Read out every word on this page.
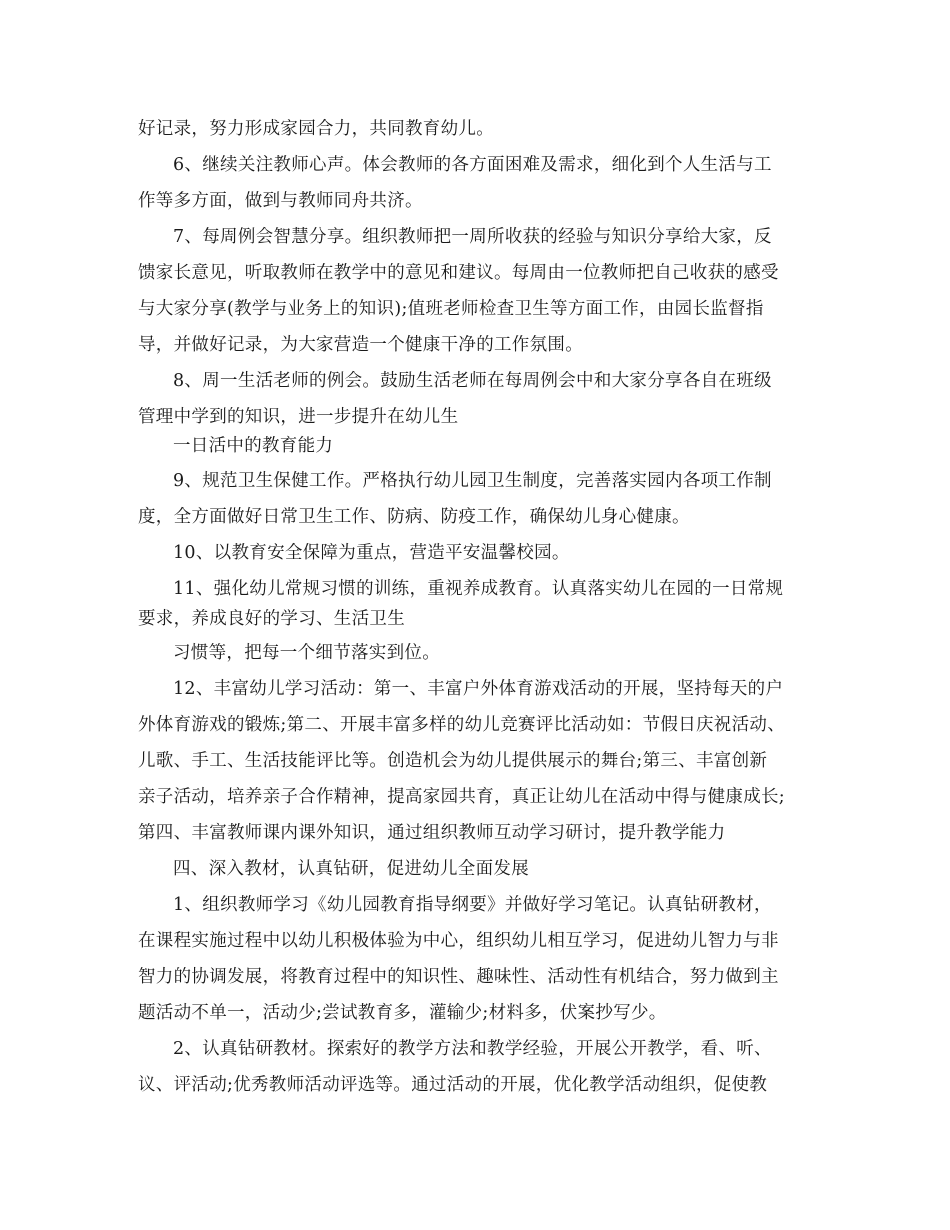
好记录，努力形成家园合力，共同教育幼儿。
6、继续关注教师心声。体会教师的各方面困难及需求，细化到个人生活与工
作等多方面，做到与教师同舟共济。
7、每周例会智慧分享。组织教师把一周所收获的经验与知识分享给大家，反
馈家长意见，听取教师在教学中的意见和建议。每周由一位教师把自己收获的感受
与大家分享(教学与业务上的知识);值班老师检查卫生等方面工作，由园长监督指
导，并做好记录，为大家营造一个健康干净的工作氛围。
8、周一生活老师的例会。鼓励生活老师在每周例会中和大家分享各自在班级
管理中学到的知识，进一步提升在幼儿生
一日活中的教育能力
9、规范卫生保健工作。严格执行幼儿园卫生制度，完善落实园内各项工作制
度，全方面做好日常卫生工作、防病、防疫工作，确保幼儿身心健康。
10、以教育安全保障为重点，营造平安温馨校园。
11、强化幼儿常规习惯的训练，重视养成教育。认真落实幼儿在园的一日常规
要求，养成良好的学习、生活卫生
习惯等，把每一个细节落实到位。
12、丰富幼儿学习活动：第一、丰富户外体育游戏活动的开展，坚持每天的户
外体育游戏的锻炼;第二、开展丰富多样的幼儿竞赛评比活动如：节假日庆祝活动、
儿歌、手工、生活技能评比等。创造机会为幼儿提供展示的舞台;第三、丰富创新
亲子活动，培养亲子合作精神，提高家园共育，真正让幼儿在活动中得与健康成长;
第四、丰富教师课内课外知识，通过组织教师互动学习研讨，提升教学能力
四、深入教材，认真钻研，促进幼儿全面发展
1、组织教师学习《幼儿园教育指导纲要》并做好学习笔记。认真钻研教材，
在课程实施过程中以幼儿积极体验为中心，组织幼儿相互学习，促进幼儿智力与非
智力的协调发展，将教育过程中的知识性、趣味性、活动性有机结合，努力做到主
题活动不单一，活动少;尝试教育多，灌输少;材料多，伏案抄写少。
2、认真钻研教材。探索好的教学方法和教学经验，开展公开教学，看、听、
议、评活动;优秀教师活动评选等。通过活动的开展，优化教学活动组织，促使教
